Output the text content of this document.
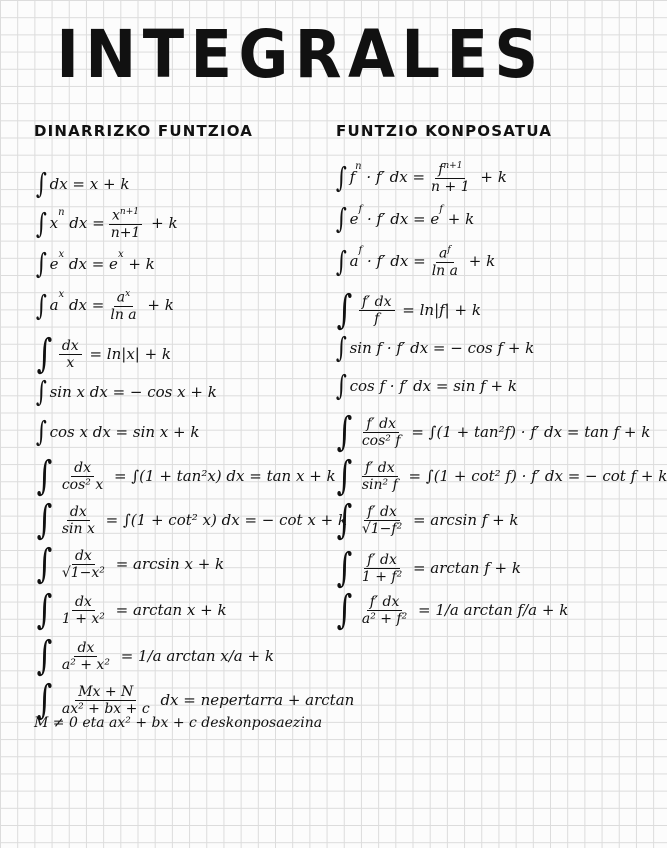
INTEGRALES
DINARRIZKO FUNTZIOA	FUNTZIO KONPOSATUA
∫ dx = x + k
∫ x
n
dx = $\frac{x^{n+1}}{n+1} + k$
∫ e x dx = e x + k
∫ a
x
dx = $\frac{a^x}{\text{ln a}} + k$
∫ $\frac{dx}{x} = \ln|x| + k$
∫ sin x dx = − cos x + k
∫ cos x dx = sin x + k
∫ $\frac{dx}{\text{cos² x}} = \int(1 + \tan^2x)$ dx = tan x + k
∫ $\frac{dx}{\text{sin x}} = \int(1 + \cot^2$ x) dx = − cot x + k
∫ $\frac{dx}{\text{√1−x²}} = \arcsin x + k$
∫ $\frac{dx}{\text{1 + x²}} = \arctan x + k$
∫ $\frac{dx}{\text{a² + x²}} = 1/a$ arctan x/a + k
∫ $\frac{Mx + N}{\text{ax² + bx + c}}$ dx = nepertarra + arctan
∫ f
n
· f′ dx = $\frac{f^{n+1}}{n + 1} + k$
∫ e f · f′ dx = e f + k
∫ a
f
· f′ dx = $\frac{a^f}{\text{ln a}} + k$
∫ $\frac{f' dx}{f} = \ln|f| + k$
∫ sin f · f′ dx = − cos f + k
∫ cos f · f′ dx = sin f + k
∫ $\frac{f' dx}{\text{cos² f}} = \int(1 + \tan^2f) \cdot f'$ dx = tan f + k
∫ $\frac{f' dx}{\text{sin² f}} = \int(1 + \cot^2$ f) · f′ dx = − cot f + k
∫ $\frac{f' dx}{\text{√1−f²}} = \arcsin f + k$
∫ $\frac{f' dx}{\text{1 + f²}} = \arctan f + k$
∫ $\frac{f' dx}{\text{a² + f²}} = 1/a$ arctan f/a + k
M ≠ 0 eta ax² + bx + c deskonposaezina
